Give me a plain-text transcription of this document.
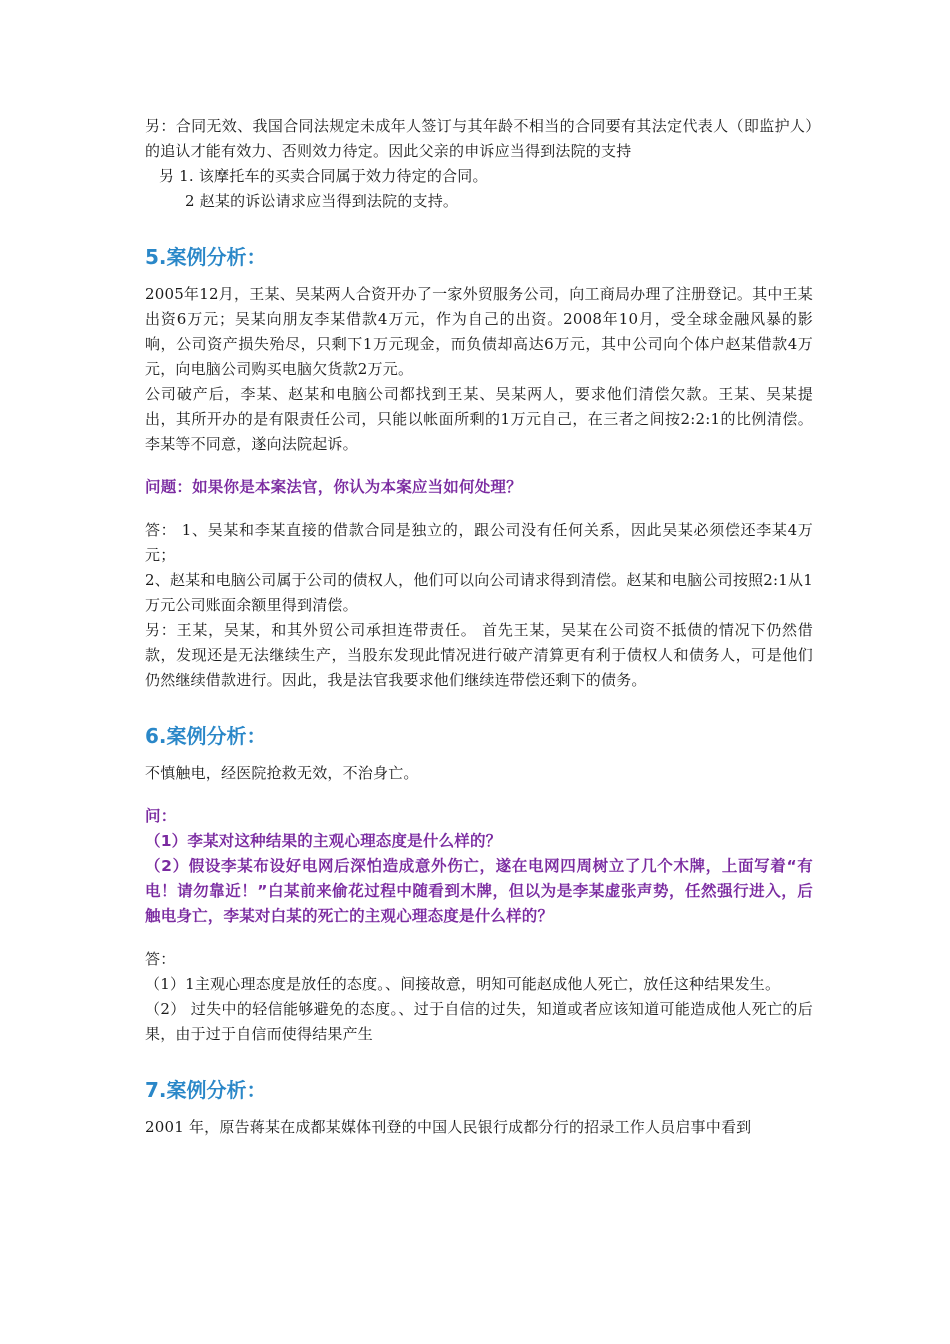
另：合同无效、我国合同法规定未成年人签订与其年龄不相当的合同要有其法定代表人（即监护人）的追认才能有效力、否则效力待定。因此父亲的申诉应当得到法院的支持

另 1. 该摩托车的买卖合同属于效力待定的合同。

2 赵某的诉讼请求应当得到法院的支持。

5.案例分析：

2005年12月，王某、吴某两人合资开办了一家外贸服务公司，向工商局办理了注册登记。其中王某出资6万元；吴某向朋友李某借款4万元，作为自己的出资。2008年10月，受全球金融风暴的影响，公司资产损失殆尽，只剩下1万元现金，而负债却高达6万元，其中公司向个体户赵某借款4万元，向电脑公司购买电脑欠货款2万元。

公司破产后，李某、赵某和电脑公司都找到王某、吴某两人，要求他们清偿欠款。王某、吴某提出，其所开办的是有限责任公司，只能以帐面所剩的1万元自己，在三者之间按2:2:1的比例清偿。李某等不同意，遂向法院起诉。

问题：如果你是本案法官，你认为本案应当如何处理？

答： 1、吴某和李某直接的借款合同是独立的，跟公司没有任何关系，因此吴某必须偿还李某4万元；

2、赵某和电脑公司属于公司的债权人，他们可以向公司请求得到清偿。赵某和电脑公司按照2:1从1万元公司账面余额里得到清偿。

另：王某，吴某，和其外贸公司承担连带责任。 首先王某，吴某在公司资不抵债的情况下仍然借款，发现还是无法继续生产，当股东发现此情况进行破产清算更有利于债权人和债务人，可是他们仍然继续借款进行。因此，我是法官我要求他们继续连带偿还剩下的债务。

6.案例分析：

不慎触电，经医院抢救无效，不治身亡。

问：

（1）李某对这种结果的主观心理态度是什么样的？

（2）假设李某布设好电网后深怕造成意外伤亡，遂在电网四周树立了几个木牌，上面写着“有电！请勿靠近！”白某前来偷花过程中随看到木牌，但以为是李某虚张声势，任然强行进入，后触电身亡，李某对白某的死亡的主观心理态度是什么样的？

答：

（1）1主观心理态度是放任的态度。、间接故意，明知可能赵成他人死亡，放任这种结果发生。

（2） 过失中的轻信能够避免的态度。、过于自信的过失，知道或者应该知道可能造成他人死亡的后果，由于过于自信而使得结果产生

7.案例分析：

2001 年，原告蒋某在成都某媒体刊登的中国人民银行成都分行的招录工作人员启事中看到
